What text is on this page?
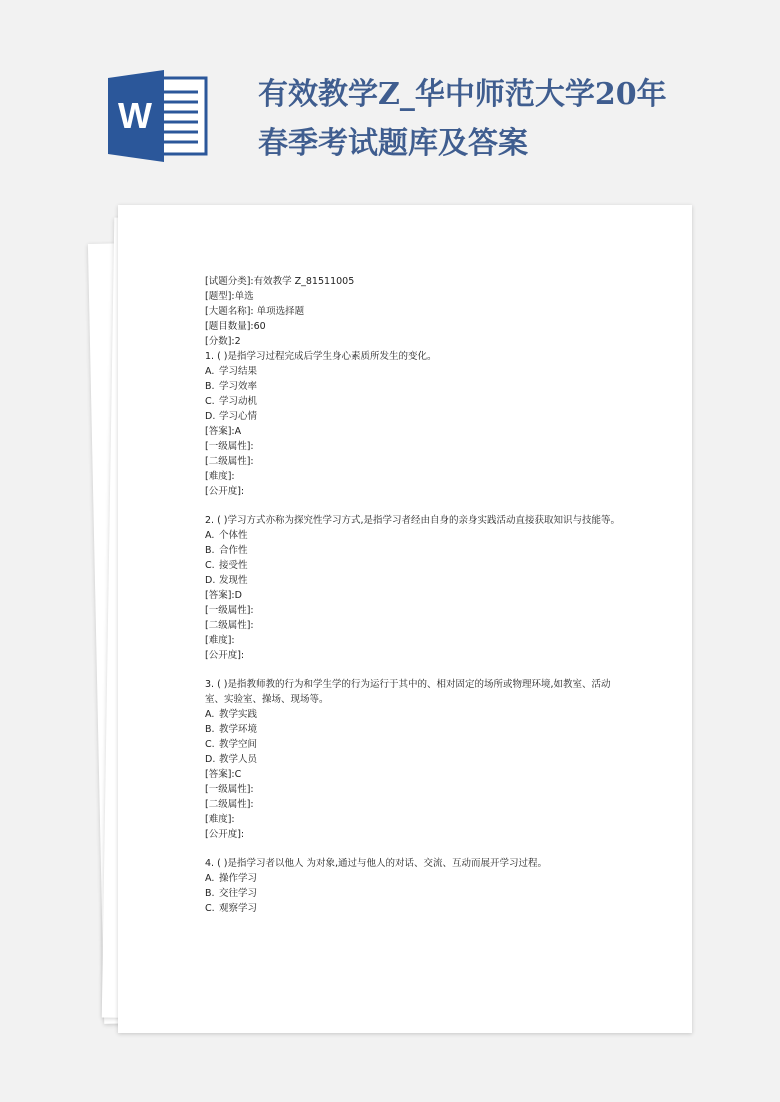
W
有效教学Z_华中师范大学20年春季考试题库及答案
[试题分类]:有效教学 Z_81511005
[题型]:单选
[大题名称]: 单项选择题
[题目数量]:60
[分数]:2
1. ( )是指学习过程完成后学生身心素质所发生的变化。
A. 学习结果
B. 学习效率
C. 学习动机
D. 学习心情
[答案]:A
[一级属性]:
[二级属性]:
[难度]:
[公开度]:
2. ( )学习方式亦称为探究性学习方式,是指学习者经由自身的亲身实践活动直接获取知识与技能等。
A. 个体性
B. 合作性
C. 接受性
D. 发现性
[答案]:D
[一级属性]:
[二级属性]:
[难度]:
[公开度]:
3. ( )是指教师教的行为和学生学的行为运行于其中的、相对固定的场所或物理环境,如教室、活动室、实验室、操场、现场等。
A. 教学实践
B. 教学环境
C. 教学空间
D. 教学人员
[答案]:C
[一级属性]:
[二级属性]:
[难度]:
[公开度]:
4. ( )是指学习者以他人 为对象,通过与他人的对话、交流、互动而展开学习过程。
A. 操作学习
B. 交往学习
C. 观察学习
